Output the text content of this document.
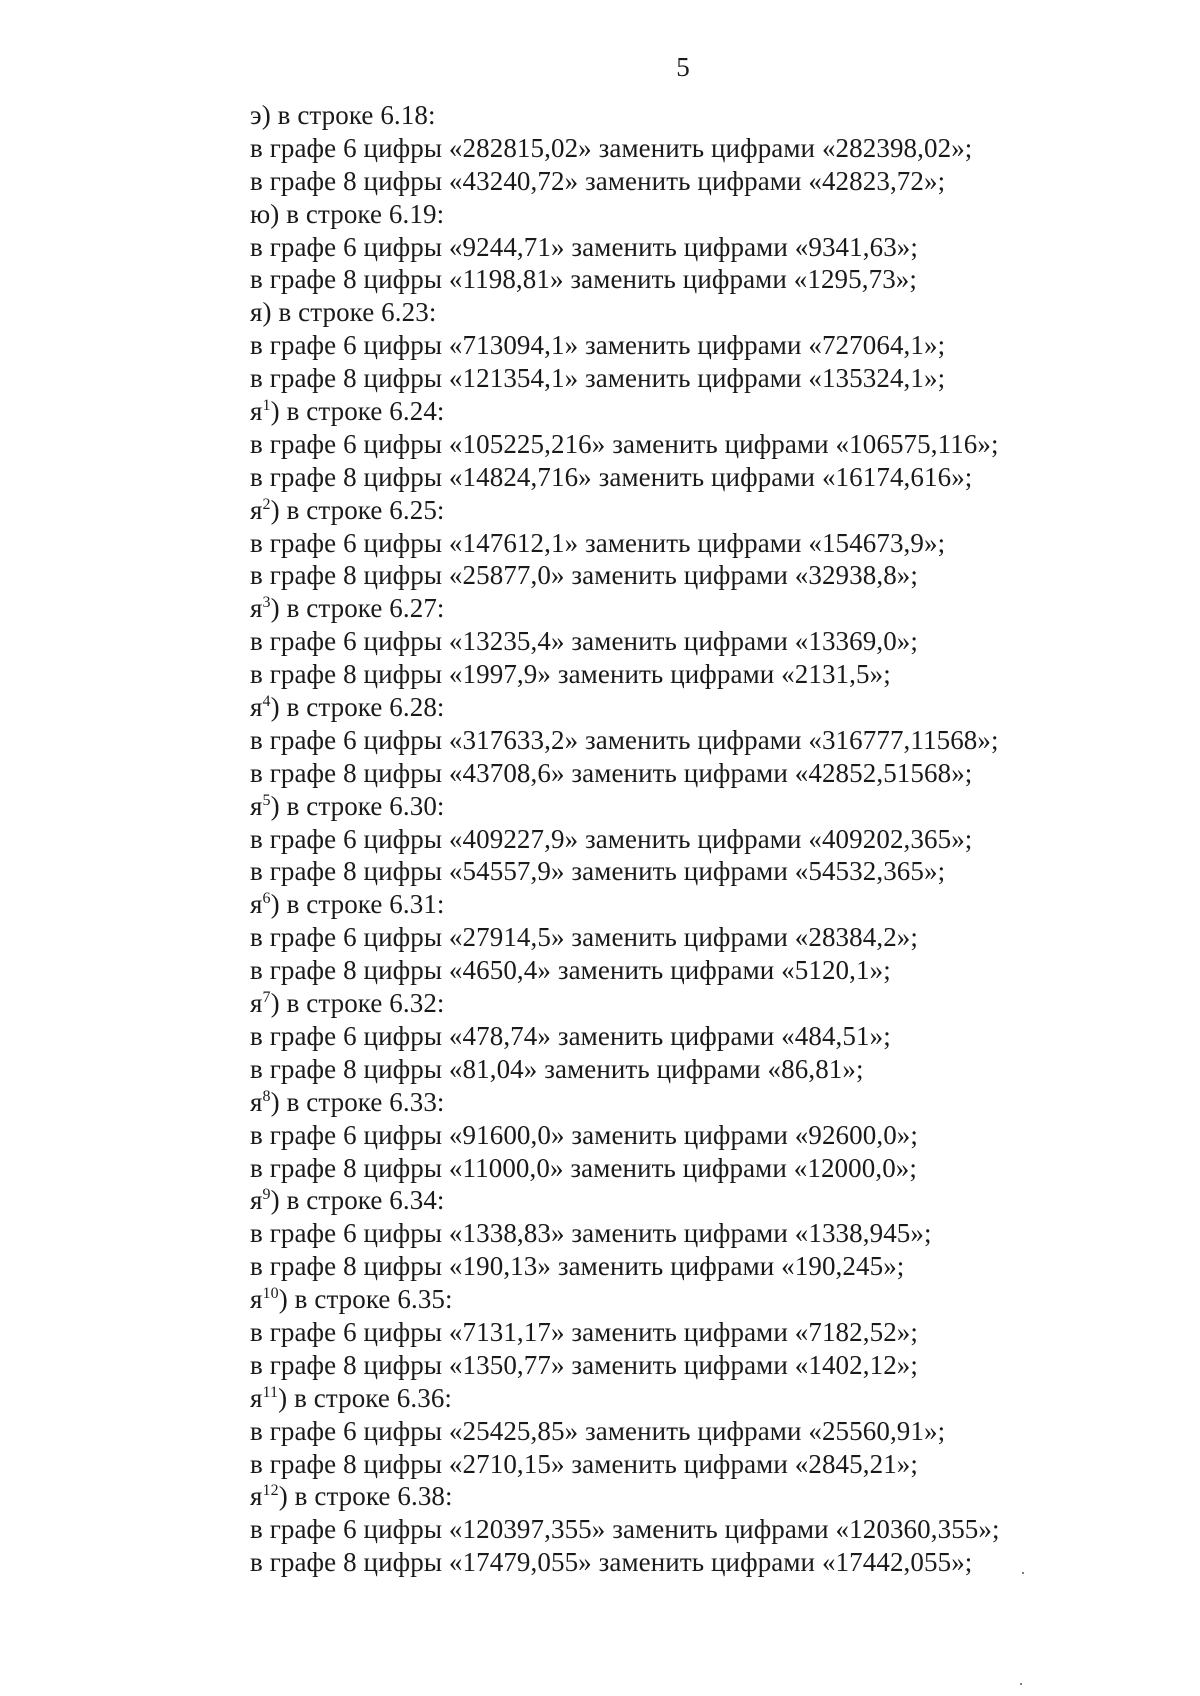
5
э) в строке 6.18:
в графе 6 цифры «282815,02» заменить цифрами «282398,02»;
в графе 8 цифры «43240,72» заменить цифрами «42823,72»;
ю) в строке 6.19:
в графе 6 цифры «9244,71» заменить цифрами «9341,63»;
в графе 8 цифры «1198,81» заменить цифрами «1295,73»;
я) в строке 6.23:
в графе 6 цифры «713094,1» заменить цифрами «727064,1»;
в графе 8 цифры «121354,1» заменить цифрами «135324,1»;
$я^1$) в строке 6.24:
в графе 6 цифры «105225,216» заменить цифрами «106575,116»;
в графе 8 цифры «14824,716» заменить цифрами «16174,616»;
$я^2$) в строке 6.25:
в графе 6 цифры «147612,1» заменить цифрами «154673,9»;
в графе 8 цифры «25877,0» заменить цифрами «32938,8»;
$я^3$) в строке 6.27:
в графе 6 цифры «13235,4» заменить цифрами «13369,0»;
в графе 8 цифры «1997,9» заменить цифрами «2131,5»;
$я^4$) в строке 6.28:
в графе 6 цифры «317633,2» заменить цифрами «316777,11568»;
в графе 8 цифры «43708,6» заменить цифрами «42852,51568»;
$я^5$) в строке 6.30:
в графе 6 цифры «409227,9» заменить цифрами «409202,365»;
в графе 8 цифры «54557,9» заменить цифрами «54532,365»;
$я^6$) в строке 6.31:
в графе 6 цифры «27914,5» заменить цифрами «28384,2»;
в графе 8 цифры «4650,4» заменить цифрами «5120,1»;
$я^7$) в строке 6.32:
в графе 6 цифры «478,74» заменить цифрами «484,51»;
в графе 8 цифры «81,04» заменить цифрами «86,81»;
$я^8$) в строке 6.33:
в графе 6 цифры «91600,0» заменить цифрами «92600,0»;
в графе 8 цифры «11000,0» заменить цифрами «12000,0»;
$я^9$) в строке 6.34:
в графе 6 цифры «1338,83» заменить цифрами «1338,945»;
в графе 8 цифры «190,13» заменить цифрами «190,245»;
$я^{10}$) в строке 6.35:
в графе 6 цифры «7131,17» заменить цифрами «7182,52»;
в графе 8 цифры «1350,77» заменить цифрами «1402,12»;
$я^{11}$) в строке 6.36:
в графе 6 цифры «25425,85» заменить цифрами «25560,91»;
в графе 8 цифры «2710,15» заменить цифрами «2845,21»;
$я^{12}$) в строке 6.38:
в графе 6 цифры «120397,355» заменить цифрами «120360,355»;
в графе 8 цифры «17479,055» заменить цифрами «17442,055»;
